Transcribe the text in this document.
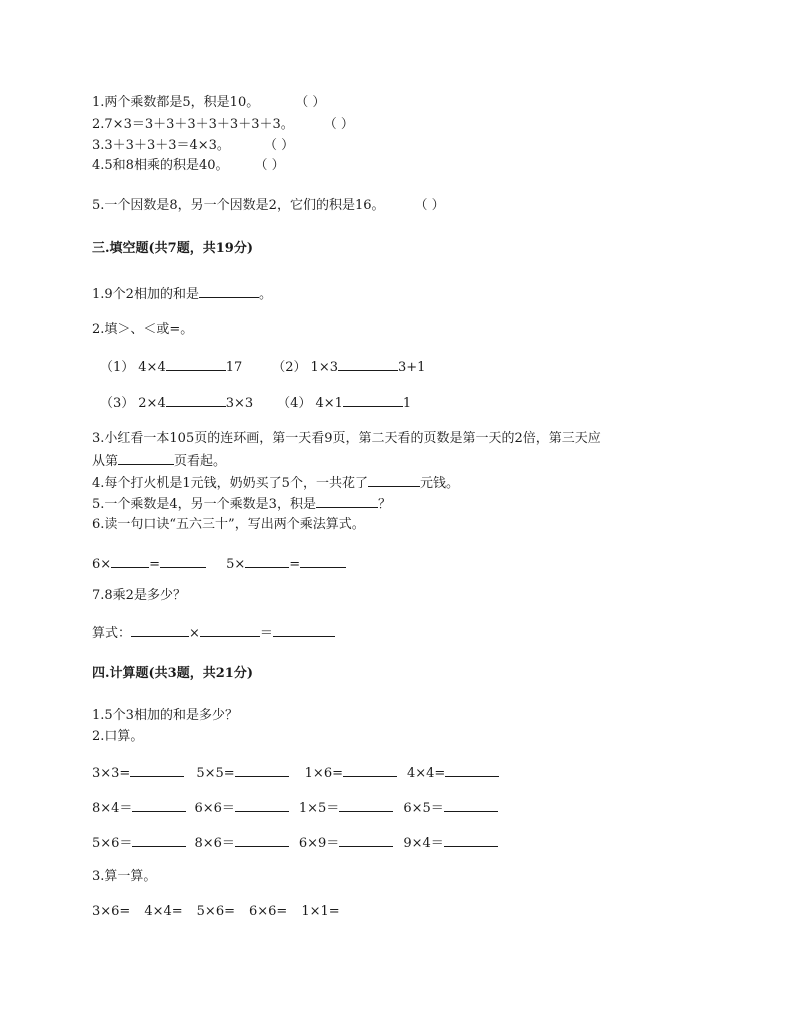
1.两个乘数都是5，积是10。	（ ）
2.7×3＝3＋3＋3＋3＋3＋3＋3。 （ ）
3.3＋3＋3＋3＝4×3。	（ ）
4.5和8相乘的积是40。 （ ）
5.一个因数是8，另一个因数是2，它们的积是16。 （ ）
三.填空题(共7题，共19分)
1.9个2相加的和是	。
2.填＞、＜或=。
（1） 4×4	17 （2） 1×3	3+1
（3） 2×4	3×3 （4） 4×1	1
3.小红看一本105页的连环画，第一天看9页，第二天看的页数是第一天的2倍，第三天应
从第	页看起。
4.每个打火机是1元钱，奶奶买了5个，一共花了	元钱。
5.一个乘数是4，另一个乘数是3，积是	？
6.读一句口诀“五六三十”，写出两个乘法算式。
6×	=	5×	=
7.8乘2是多少？
算式：	×	＝
四.计算题(共3题，共21分)
1.5个3相加的和是多少？
2.口算。
3×3=	5×5=	1×6=	4×4=
8×4＝	6×6＝	1×5＝	6×5＝
5×6＝	8×6＝	6×9＝	9×4＝
3.算一算。
3×6= 4×4= 5×6= 6×6= 1×1=
